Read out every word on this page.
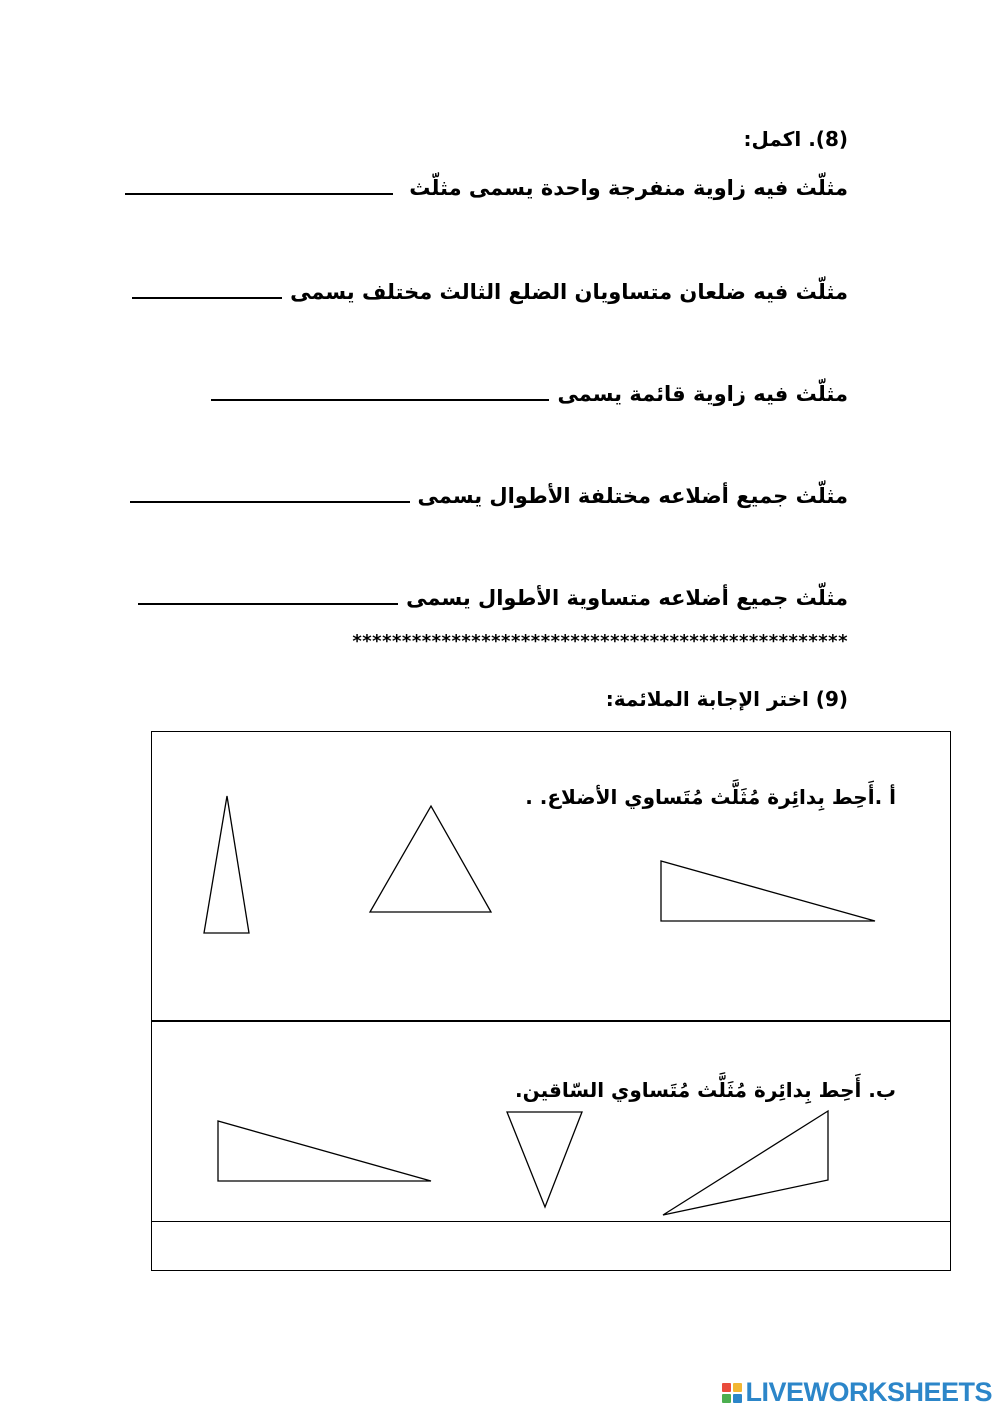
(8). اكمل:
مثلّث فيه زاوية منفرجة واحدة يسمى مثلّث
مثلّث فيه ضلعان متساويان الضلع الثالث مختلف يسمى
مثلّث فيه زاوية قائمة يسمى
مثلّث جميع أضلاعه مختلفة الأطوال يسمى
مثلّث جميع أضلاعه متساوية الأطوال يسمى
**************************************************
(9) اختر الإجابة الملائمة:
أ .أَحِط بِدائِرة مُثَلَّث مُتَساوي الأضلاع. .
ب. أَحِط بِدائِرة مُثَلَّث مُتَساوي السّاقين.
LIVEWORKSHEETS
